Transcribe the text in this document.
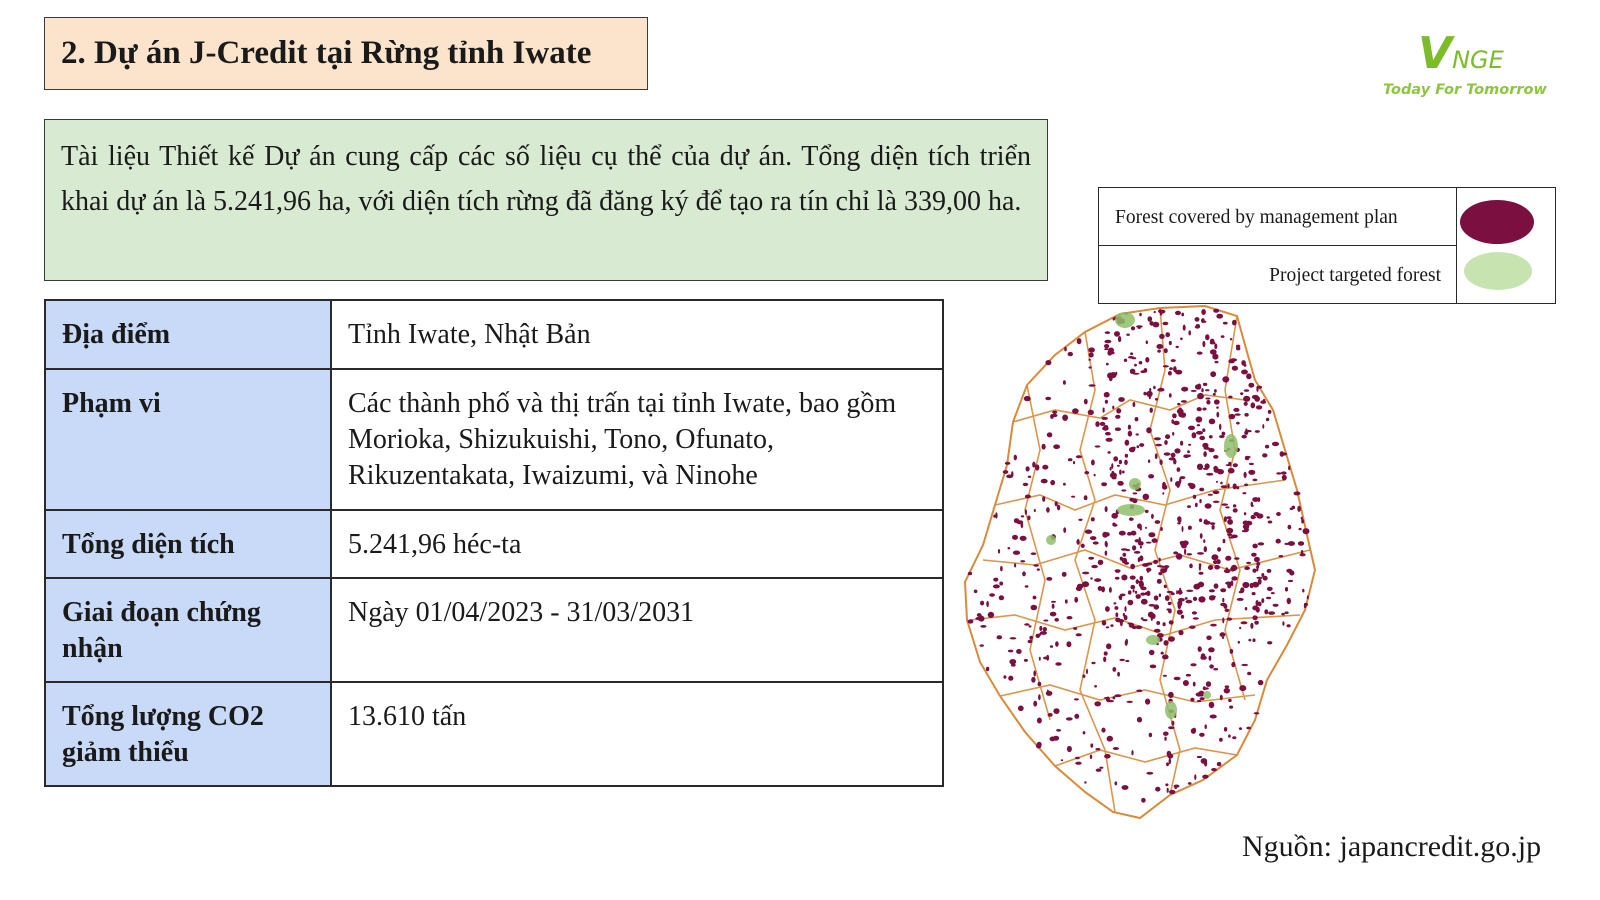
2. Dự án J-Credit tại Rừng tỉnh Iwate	VNGE
Today For Tomorrow

Tài liệu Thiết kế Dự án cung cấp các số liệu cụ thể của dự án. Tổng diện tích triển khai dự án là 5.241,96 ha, với diện tích rừng đã đăng ký để tạo ra tín chỉ là 339,00 ha.

Địa điểm	Tỉnh Iwate, Nhật Bản
Phạm vi	Các thành phố và thị trấn tại tỉnh Iwate, bao gồm Morioka, Shizukuishi, Tono, Ofunato, Rikuzentakata, Iwaizumi, và Ninohe
Tổng diện tích	5.241,96 héc-ta
Giai đoạn chứng nhận	Ngày 01/04/2023 - 31/03/2031
Tổng lượng CO2 giảm thiểu	13.610 tấn
Forest covered by management plan
Project targeted forest
Nguồn: japancredit.go.jp
